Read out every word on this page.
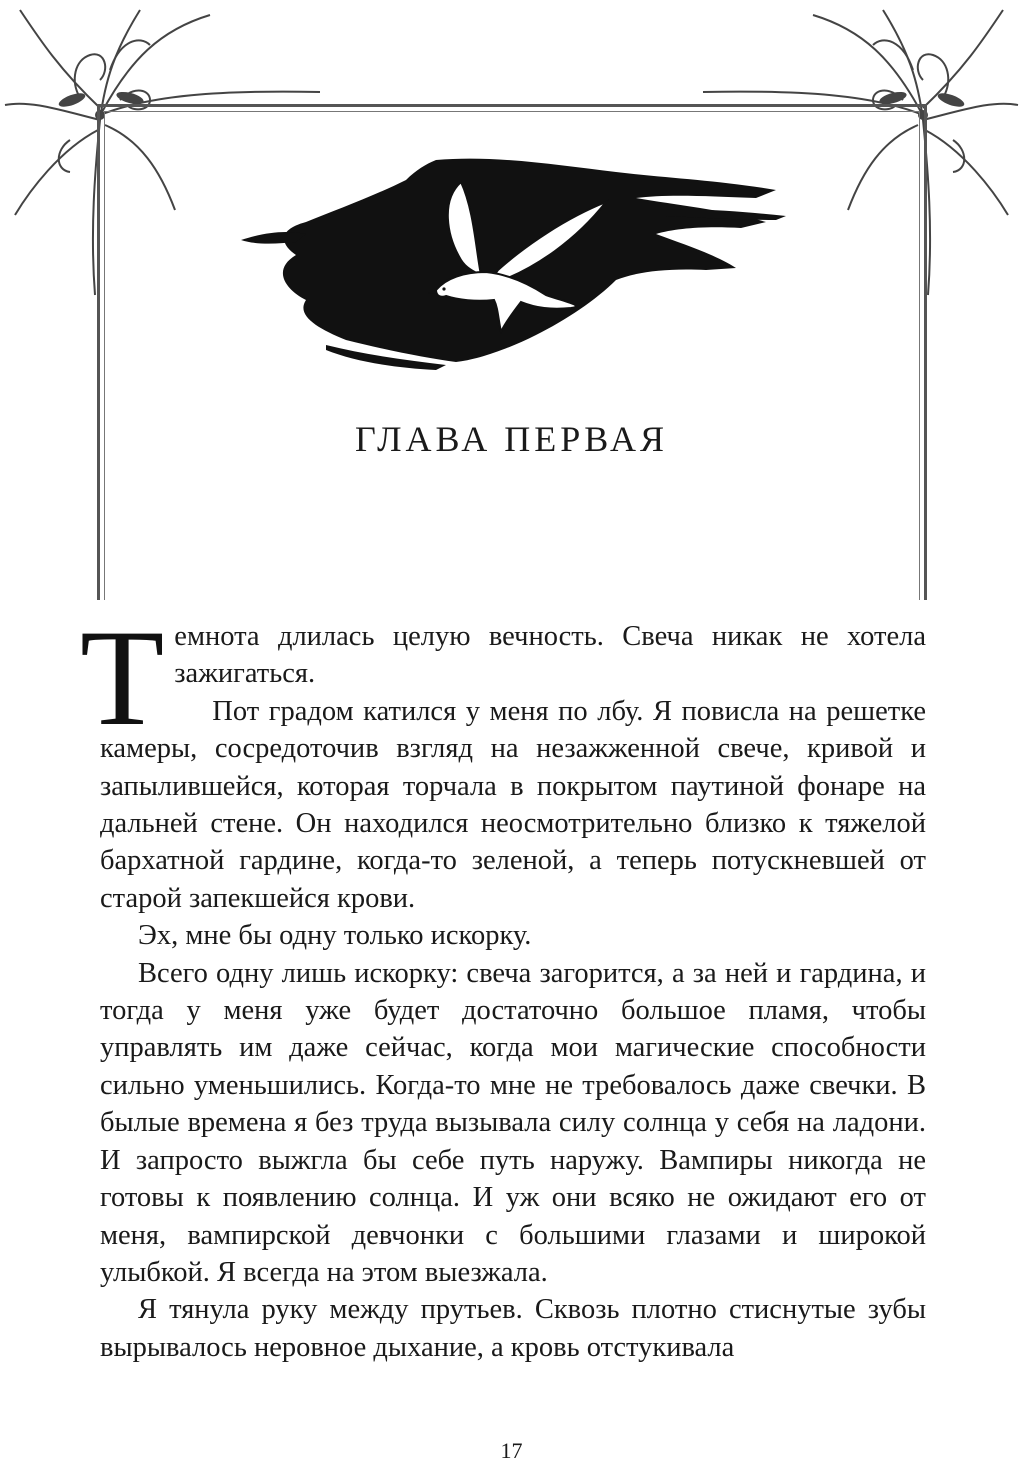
ГЛАВА ПЕРВАЯ

Темнота длилась целую вечность. Свеча никак не хотела зажигаться.

Пот градом катился у меня по лбу. Я повисла на решетке камеры, сосредоточив взгляд на незажженной свече, кривой и запылившейся, которая торчала в покрытом паутиной фонаре на дальней стене. Он находился неосмотрительно близко к тяжелой бархатной гардине, когда-то зеленой, а теперь потускневшей от старой запекшейся крови.

Эх, мне бы одну только искорку.

Всего одну лишь искорку: свеча загорится, а за ней и гардина, и тогда у меня уже будет достаточно большое пламя, чтобы управлять им даже сейчас, когда мои магические способности сильно уменьшились. Когда-то мне не требовалось даже свечки. В былые времена я без труда вызывала силу солнца у себя на ладони. И запросто выжгла бы себе путь наружу. Вампиры никогда не готовы к появлению солнца. И уж они всяко не ожидают его от меня, вампирской девчонки с большими глазами и широкой улыбкой. Я всегда на этом выезжала.

Я тянула руку между прутьев. Сквозь плотно стиснутые зубы вырывалось неровное дыхание, а кровь отстукивала

17
